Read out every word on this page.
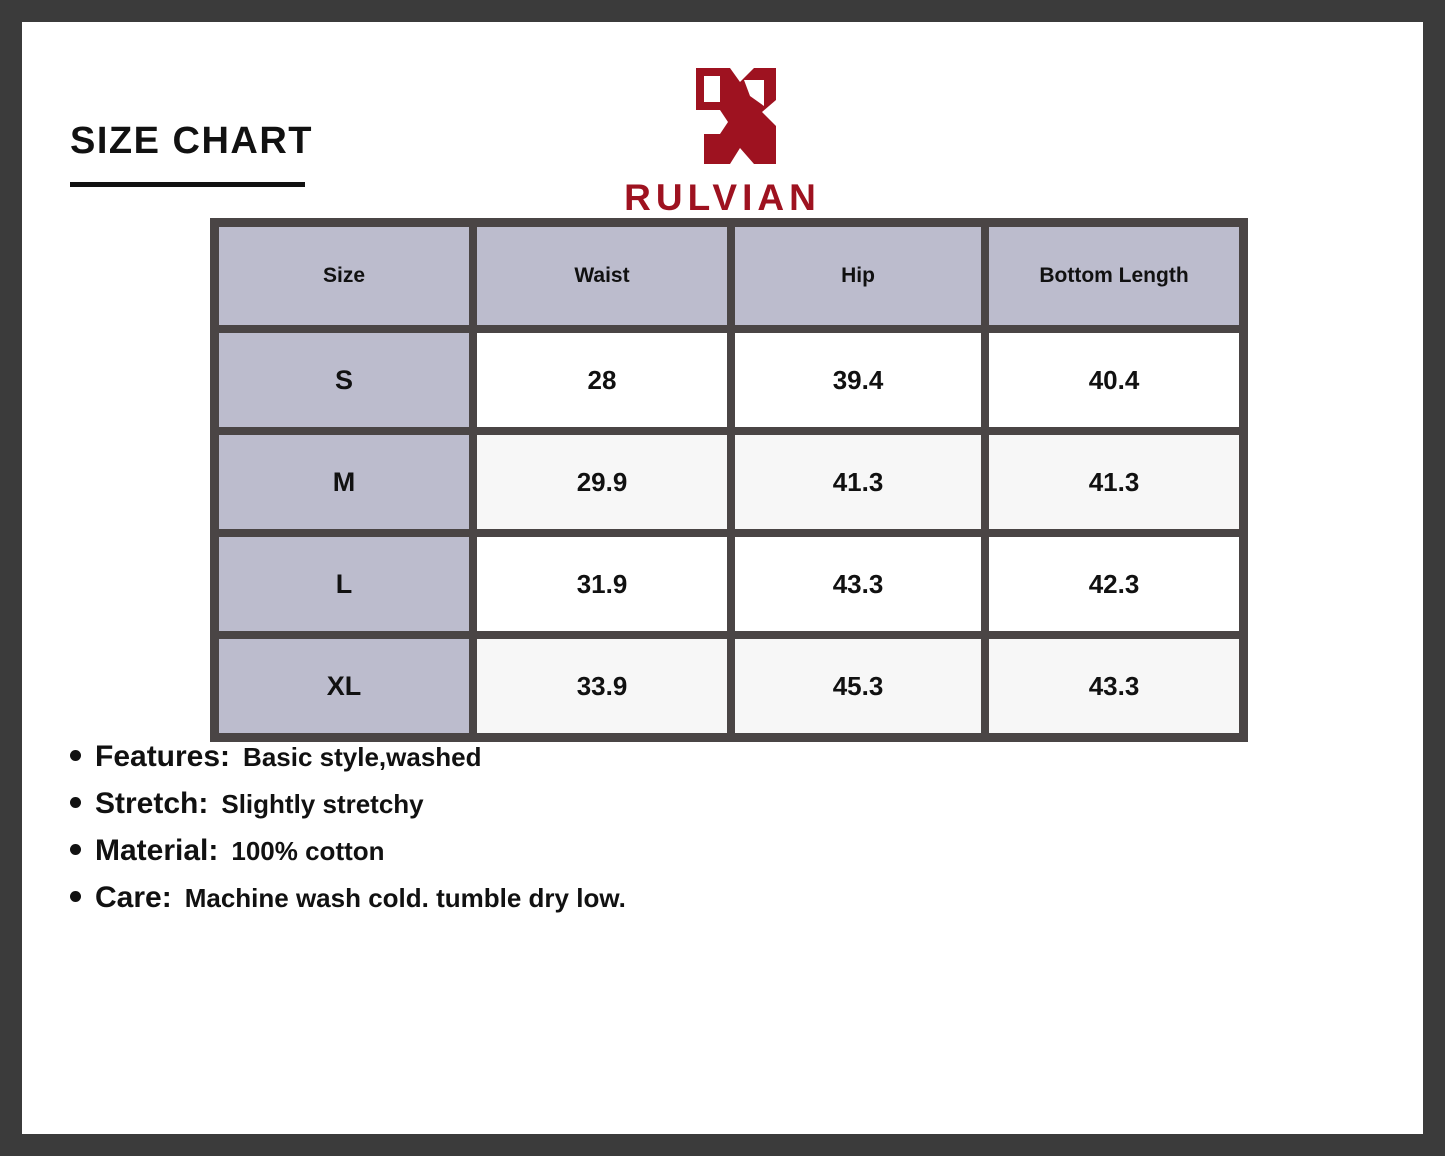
RULVIAN
SIZE CHART
Size	Waist	Hip	Bottom Length
S	28	39.4	40.4
M	29.9	41.3	41.3
L	31.9	43.3	42.3
XL	33.9	45.3	43.3
Features: Basic style,washed
Stretch: Slightly stretchy
Material: 100% cotton
Care: Machine wash cold. tumble dry low.
